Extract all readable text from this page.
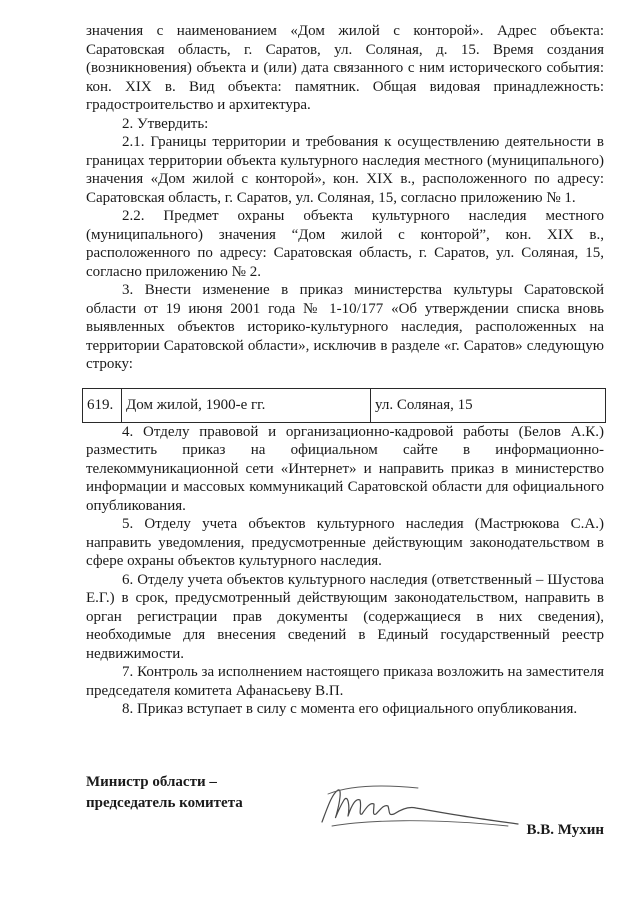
значения с наименованием «Дом жилой с конторой». Адрес объекта: Саратовская область, г. Саратов, ул. Соляная, д. 15. Время создания (возникновения) объекта и (или) дата связанного с ним исторического события: кон. XIX в. Вид объекта: памятник. Общая видовая принадлежность: градостроительство и архитектура.

2. Утвердить:

2.1. Границы территории и требования к осуществлению деятельности в границах территории объекта культурного наследия местного (муниципального) значения «Дом жилой с конторой», кон. XIX в., расположенного по адресу: Саратовская область, г. Саратов, ул. Соляная, 15, согласно приложению № 1.

2.2. Предмет охраны объекта культурного наследия местного (муниципального) значения “Дом жилой с конторой”, кон. XIX в., расположенного по адресу: Саратовская область, г. Саратов, ул. Соляная, 15, согласно приложению № 2.

3. Внести изменение в приказ министерства культуры Саратовской области от 19 июня 2001 года № 1-10/177 «Об утверждении списка вновь выявленных объектов историко-культурного наследия, расположенных на территории Саратовской области», исключив в разделе «г. Саратов» следующую строку:

619.	Дом жилой, 1900-е гг.	ул. Соляная, 15

4. Отделу правовой и организационно-кадровой работы (Белов А.К.) разместить приказ на официальном сайте в информационно-телекоммуникационной сети «Интернет» и направить приказ в министерство информации и массовых коммуникаций Саратовской области для официального опубликования.

5. Отделу учета объектов культурного наследия (Мастрюкова С.А.) направить уведомления, предусмотренные действующим законодательством в сфере охраны объектов культурного наследия.

6. Отделу учета объектов культурного наследия (ответственный – Шустова Е.Г.) в срок, предусмотренный действующим законодательством, направить в орган регистрации прав документы (содержащиеся в них сведения), необходимые для внесения сведений в Единый государственный реестр недвижимости.

7. Контроль за исполнением настоящего приказа возложить на заместителя председателя комитета Афанасьеву В.П.

8. Приказ вступает в силу с момента его официального опубликования.

Министр области –
председатель комитета
В.В. Мухин
